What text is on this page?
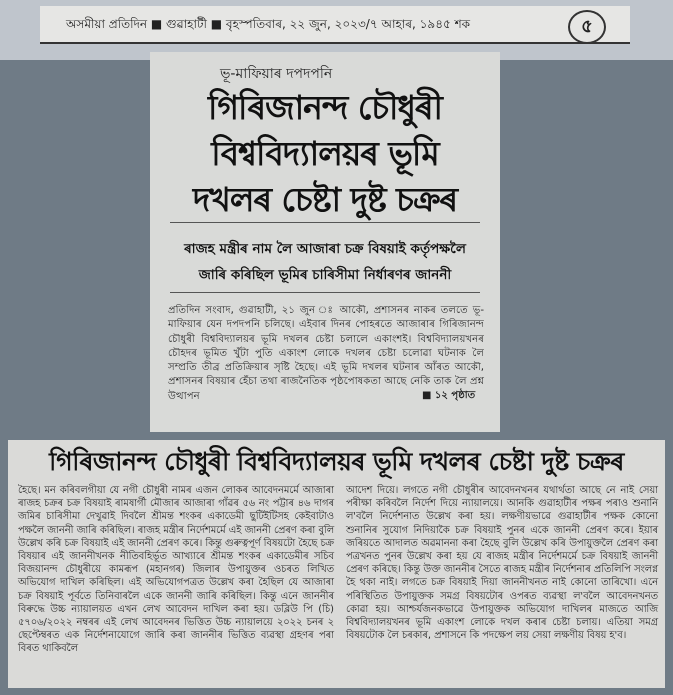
অসমীয়া প্ৰতিদিন ■ গুৱাহাটী ■ বৃহস্পতিবাৰ, ২২ জুন, ২০২৩/৭ আহাৰ, ১৯৪৫ শক	৫
ভূ-মাফিয়াৰ দপদপনি
গিৰিজানন্দ চৌধুৰী
বিশ্ববিদ্যালয়ৰ ভূমি
দখলৰ চেষ্টা দুষ্ট চক্ৰৰ
ৰাজহ মন্ত্ৰীৰ নাম লৈ আজাৰা চক্ৰ বিষয়াই কৰ্তৃপক্ষলৈ
জাৰি কৰিছিল ভূমিৰ চাৰিসীমা নিৰ্ধাৰণৰ জাননী
প্ৰতিদিন সংবাদ, গুৱাহাটী, ২১ জুন ঃ আকৌ, প্ৰশাসনৰ নাকৰ তলতে ভূ-মাফিয়াৰ যেন দপদপনি চলিছে। এইবাৰ দিনৰ পোহৰতে আজাৰাৰ গিৰিজানন্দ চৌধুৰী বিশ্ববিদ্যালয়ৰ ভূমি দখলৰ চেষ্টা চলালে একাংশই। বিশ্ববিদ্যালয়খনৰ চৌহদৰ ভূমিত খুঁটা পুতি একাংশ লোকে দখলৰ চেষ্টা চলোৱা ঘটনাক লৈ সম্প্ৰতি তীব্ৰ প্ৰতিক্ৰিয়াৰ সৃষ্টি হৈছে। এই ভূমি দখলৰ ঘটনাৰ আঁৰত আকৌ, প্ৰশাসনৰ বিষয়াৰ হেঁচা তথা ৰাজনৈতিক পৃষ্ঠপোষকতা আছে নেকি তাক লৈ প্ৰশ্ন উত্থাপন	■ ১২ পৃষ্ঠাত
গিৰিজানন্দ চৌধুৰী বিশ্ববিদ্যালয়ৰ ভূমি দখলৰ চেষ্টা দুষ্ট চক্ৰৰ
হৈছে। মন কৰিবলগীয়া যে নগী চৌধুৰী নামৰ এজন লোকৰ আবেদনমৰ্মে আজাৰা ৰাজহ চক্ৰৰ চক্ৰ বিষয়াই ৰামষাৰ্গী মৌজাৰ আজাৰা গাঁৱৰ ৫৬ নং পট্টাৰ ৪৬ দাগৰ জমিৰ চাৰিসীমা দেখুৱাই দিবলৈ শ্ৰীমন্ত শংকৰ একাডেমী ছুটিইটিসহ কেইবাটাও পক্ষলৈ জাননী জাৰি কৰিছিল। ৰাজহ মন্ত্ৰীৰ নিৰ্দেশমৰ্মে এই জাননী প্ৰেৰণ কৰা বুলি উল্লেখ কৰি চক্ৰ বিষয়াই এই জাননী প্ৰেৰণ কৰে। কিন্তু গুৰুত্বপূৰ্ণ বিষয়টো হৈছে চক্ৰ বিষয়াৰ এই জাননীখনক নীতিবহিৰ্ভূত আখ্যাৰে শ্ৰীমন্ত শংকৰ একাডেমীৰ সচিব বিজয়ানন্দ চৌধুৰীয়ে কামৰূপ (মহানগৰ) জিলাৰ উপায়ুক্তৰ ওচৰত লিখিত অভিযোগ দাখিল কৰিছিল। এই অভিযোগপত্ৰত উল্লেখ কৰা হৈছিল যে আজাৰা চক্ৰ বিষয়াই পূৰ্বতে তিনিবাৰলৈ একে জাননী জাৰি কৰিছিল। কিন্তু এনে জাননীৰ বিৰুদ্ধে উচ্চ ন্যায়ালয়ত এখন লেখ আবেদন দাখিল কৰা হয়। ডব্লিউ পি (চি) ৫৭০৬/২০২২ নম্বৰৰ এই লেখ আবেদনৰ ভিত্তিত উচ্চ ন্যায়ালয়ে ২০২২ চনৰ ২ ছেপ্টেম্বৰত এক নিৰ্দেশনাযোগে জাৰি কৰা জাননীৰ ভিত্তিত ব্যৱস্থা গ্ৰহণৰ পৰা বিৰত থাকিবলৈ
আদেশ দিয়ে। লগতে নগী চৌধুৰীৰ আবেদনখনৰ যথাৰ্থতা আছে নে নাই সেয়া পৰীক্ষা কৰিবলৈ নিৰ্দেশ দিয়ে ন্যায়ালয়ে। আনকি গুৱাহাটীৰ পক্ষৰ পৰাও শুনানি ল'বলৈ নিৰ্দেশনাত উল্লেখ কৰা হয়। লক্ষণীয়ভাৱে গুৱাহাটীৰ পক্ষক কোনো শুনানিৰ সুযোগ নিদিয়াকৈ চক্ৰ বিষয়াই পুনৰ একে জাননী প্ৰেৰণ কৰে। ইয়াৰ জৰিয়তে আদালত অৱমাননা কৰা হৈছে বুলি উল্লেখ কৰি উপায়ুক্তলৈ প্ৰেৰণ কৰা পত্ৰখনত পুনৰ উল্লেখ কৰা হয় যে ৰাজহ মন্ত্ৰীৰ নিৰ্দেশমৰ্মে চক্ৰ বিষয়াই জাননী প্ৰেৰণ কৰিছে। কিন্তু উক্ত জাননীৰ সৈতে ৰাজহ মন্ত্ৰীৰ নিৰ্দেশনাৰ প্ৰতিলিপি সংলগ্ন হৈ থকা নাই। লগতে চক্ৰ বিষয়াই দিয়া জাননীখনত নাই কোনো তাৰিখো। এনে পৰিস্থিতিত উপায়ুক্তক সমগ্ৰ বিষয়টোৰ ওপৰত ব্যৱস্থা ল'বলৈ আবেদনখনত কোৱা হয়। আশ্চৰ্যজনকভাৱে উপায়ুক্তক অভিযোগ দাখিলৰ মাজতে আজি বিশ্ববিদ্যালয়খনৰ ভূমি একাংশ লোকে দখল কৰাৰ চেষ্টা চলায়। এতিয়া সমগ্ৰ বিষয়টোক লৈ চৰকাৰ, প্ৰশাসনে কি পদক্ষেপ লয় সেয়া লক্ষণীয় বিষয় হ'ব।
